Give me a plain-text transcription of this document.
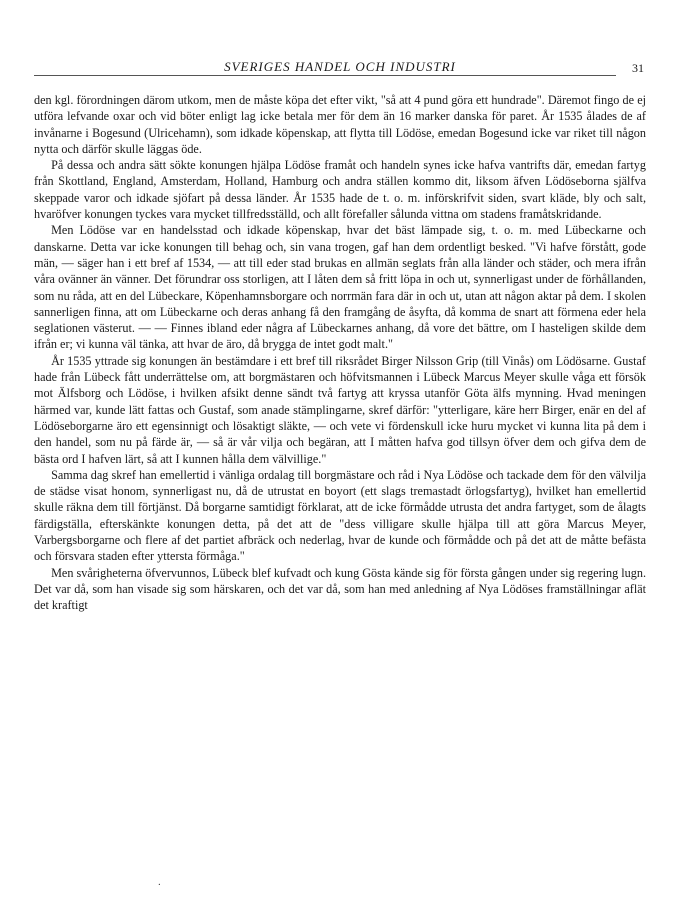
SVERIGES HANDEL OCH INDUSTRI	31

den kgl. förordningen därom utkom, men de måste köpa det efter vikt, "så att 4 pund göra ett hundrade". Däremot fingo de ej utföra lefvande oxar och vid böter enligt lag icke betala mer för dem än 16 marker danska för paret. År 1535 ålades de af invånarne i Bogesund (Ulricehamn), som idkade köpenskap, att flytta till Lödöse, emedan Bogesund icke var riket till någon nytta och därför skulle läggas öde.

På dessa och andra sätt sökte konungen hjälpa Lödöse framåt och handeln synes icke hafva vantrifts där, emedan fartyg från Skottland, England, Amsterdam, Holland, Hamburg och andra ställen kommo dit, liksom äfven Lödöseborna själfva skeppade varor och idkade sjöfart på dessa länder. År 1535 hade de t. o. m. införskrifvit siden, svart kläde, bly och salt, hvaröfver konungen tyckes vara mycket tillfredsställd, och allt förefaller sålunda vittna om stadens framåtskridande.

Men Lödöse var en handelsstad och idkade köpenskap, hvar det bäst lämpade sig, t. o. m. med Lübeckarne och danskarne. Detta var icke konungen till behag och, sin vana trogen, gaf han dem ordentligt besked. "Vi hafve förstått, gode män, — säger han i ett bref af 1534, — att till eder stad brukas en allmän seglats från alla länder och städer, och mera ifrån våra ovänner än vänner. Det förundrar oss storligen, att I låten dem så fritt löpa in och ut, synnerligast under de förhållanden, som nu råda, att en del Lübeckare, Köpenhamnsborgare och norrmän fara där in och ut, utan att någon aktar på dem. I skolen sannerligen finna, att om Lübeckarne och deras anhang få den framgång de åsyfta, då komma de snart att förmena eder hela seglationen västerut. — — Finnes ibland eder några af Lübeckarnes anhang, då vore det bättre, om I hasteligen skilde dem ifrån er; vi kunna väl tänka, att hvar de äro, då brygga de intet godt malt."

År 1535 yttrade sig konungen än bestämdare i ett bref till riksrådet Birger Nilsson Grip (till Vinås) om Lödösarne. Gustaf hade från Lübeck fått underrättelse om, att borgmästaren och höfvitsmannen i Lübeck Marcus Meyer skulle våga ett försök mot Älfsborg och Lödöse, i hvilken afsikt denne sändt två fartyg att kryssa utanför Göta älfs mynning. Hvad meningen härmed var, kunde lätt fattas och Gustaf, som anade stämplingarne, skref därför: "ytterligare, käre herr Birger, enär en del af Lödöseborgarne äro ett egensinnigt och lösaktigt släkte, — och vete vi fördenskull icke huru mycket vi kunna lita på dem i den handel, som nu på färde är, — så är vår vilja och begäran, att I måtten hafva god tillsyn öfver dem och gifva dem de bästa ord I hafven lärt, så att I kunnen hålla dem välvillige."

Samma dag skref han emellertid i vänliga ordalag till borgmästare och råd i Nya Lödöse och tackade dem för den välvilja de städse visat honom, synnerligast nu, då de utrustat en boyort (ett slags tremastadt örlogsfartyg), hvilket han emellertid skulle räkna dem till förtjänst. Då borgarne samtidigt förklarat, att de icke förmådde utrusta det andra fartyget, som de ålagts färdigställa, efterskänkte konungen detta, på det att de "dess villigare skulle hjälpa till att göra Marcus Meyer, Varbergsborgarne och flere af det partiet afbräck och nederlag, hvar de kunde och förmådde och på det att de måtte befästa och försvara staden efter yttersta förmåga."

Men svårigheterna öfvervunnos, Lübeck blef kufvadt och kung Gösta kände sig för första gången under sig regering lugn. Det var då, som han visade sig som härskaren, och det var då, som han med anledning af Nya Lödöses framställningar aflät det kraftigt

.
